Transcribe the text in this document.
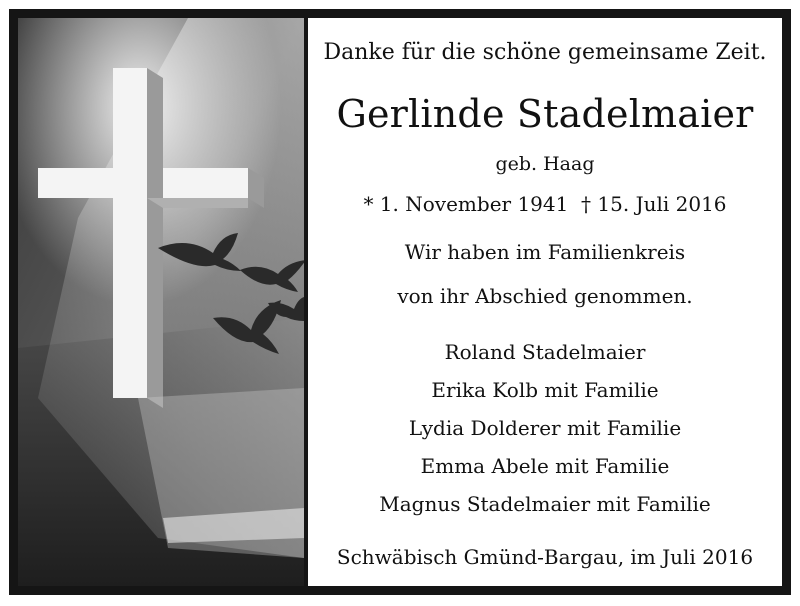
Danke für die schöne gemeinsame Zeit.
Gerlinde Stadelmaier
geb. Haag
* 1. November 1941  † 15. Juli 2016
Wir haben im Familienkreis
von ihr Abschied genommen.
Roland Stadelmaier
Erika Kolb mit Familie
Lydia Dolderer mit Familie
Emma Abele mit Familie
Magnus Stadelmaier mit Familie
Schwäbisch Gmünd-Bargau, im Juli 2016
